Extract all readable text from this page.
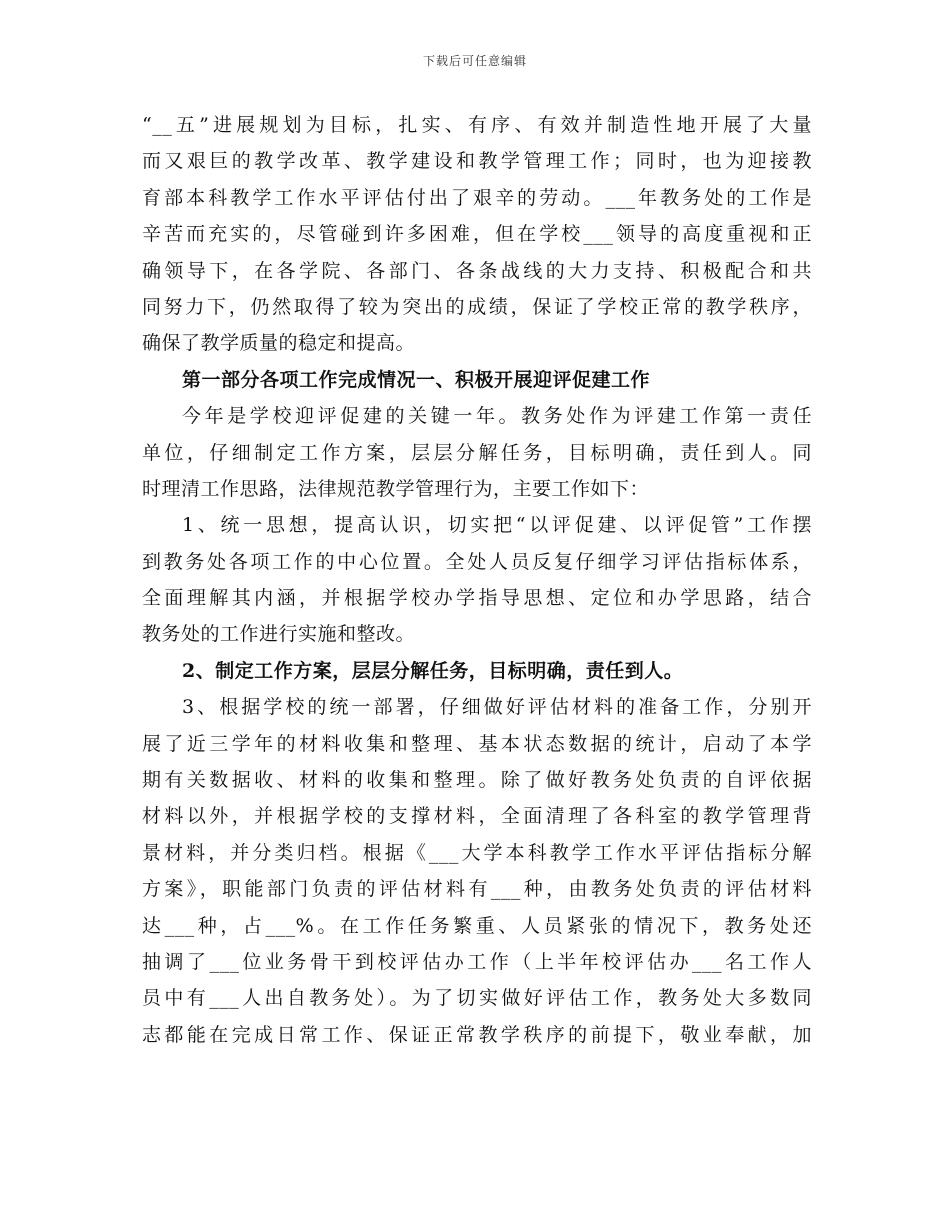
下载后可任意编辑
“__五”进展规划为目标，扎实、有序、有效并制造性地开展了大量
而又艰巨的教学改革、教学建设和教学管理工作；同时，也为迎接教
育部本科教学工作水平评估付出了艰辛的劳动。___年教务处的工作是
辛苦而充实的，尽管碰到许多困难，但在学校___领导的高度重视和正
确领导下，在各学院、各部门、各条战线的大力支持、积极配合和共
同努力下，仍然取得了较为突出的成绩，保证了学校正常的教学秩序，
确保了教学质量的稳定和提高。
第一部分各项工作完成情况一、积极开展迎评促建工作
今年是学校迎评促建的关键一年。教务处作为评建工作第一责任
单位，仔细制定工作方案，层层分解任务，目标明确，责任到人。同
时理清工作思路，法律规范教学管理行为，主要工作如下：
1、统一思想，提高认识，切实把“以评促建、以评促管”工作摆
到教务处各项工作的中心位置。全处人员反复仔细学习评估指标体系，
全面理解其内涵，并根据学校办学指导思想、定位和办学思路，结合
教务处的工作进行实施和整改。
2、制定工作方案，层层分解任务，目标明确，责任到人。
3、根据学校的统一部署，仔细做好评估材料的准备工作，分别开
展了近三学年的材料收集和整理、基本状态数据的统计，启动了本学
期有关数据收、材料的收集和整理。除了做好教务处负责的自评依据
材料以外，并根据学校的支撑材料，全面清理了各科室的教学管理背
景材料，并分类归档。根据《___大学本科教学工作水平评估指标分解
方案》，职能部门负责的评估材料有___种，由教务处负责的评估材料
达___种，占___%。在工作任务繁重、人员紧张的情况下，教务处还
抽调了___位业务骨干到校评估办工作（上半年校评估办___名工作人
员中有___人出自教务处）。为了切实做好评估工作，教务处大多数同
志都能在完成日常工作、保证正常教学秩序的前提下，敬业奉献，加
